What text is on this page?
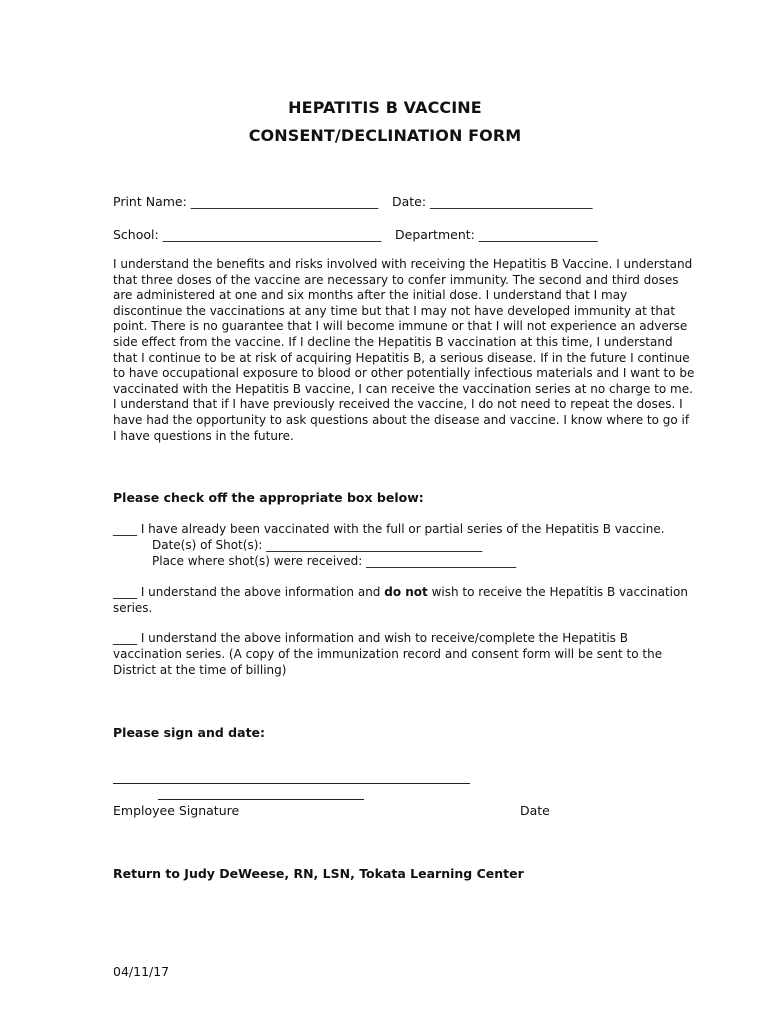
HEPATITIS B VACCINE
CONSENT/DECLINATION FORM
Print Name: ______________________________ Date: __________________________
School: ___________________________________ Department: ___________________
I understand the benefits and risks involved with receiving the Hepatitis B Vaccine. I understand
that three doses of the vaccine are necessary to confer immunity. The second and third doses
are administered at one and six months after the initial dose. I understand that I may
discontinue the vaccinations at any time but that I may not have developed immunity at that
point. There is no guarantee that I will become immune or that I will not experience an adverse
side effect from the vaccine. If I decline the Hepatitis B vaccination at this time, I understand
that I continue to be at risk of acquiring Hepatitis B, a serious disease. If in the future I continue
to have occupational exposure to blood or other potentially infectious materials and I want to be
vaccinated with the Hepatitis B vaccine, I can receive the vaccination series at no charge to me.
I understand that if I have previously received the vaccine, I do not need to repeat the doses. I
have had the opportunity to ask questions about the disease and vaccine. I know where to go if
I have questions in the future.
Please check off the appropriate box below:
____ I have already been vaccinated with the full or partial series of the Hepatitis B vaccine.
Date(s) of Shot(s): ____________________________________
Place where shot(s) were received: _________________________
____ I understand the above information and do not wish to receive the Hepatitis B vaccination
series.
____ I understand the above information and wish to receive/complete the Hepatitis B
vaccination series. (A copy of the immunization record and consent form will be sent to the
District at the time of billing)
Please sign and date:
Employee Signature	Date
Return to Judy DeWeese, RN, LSN, Tokata Learning Center
04/11/17
